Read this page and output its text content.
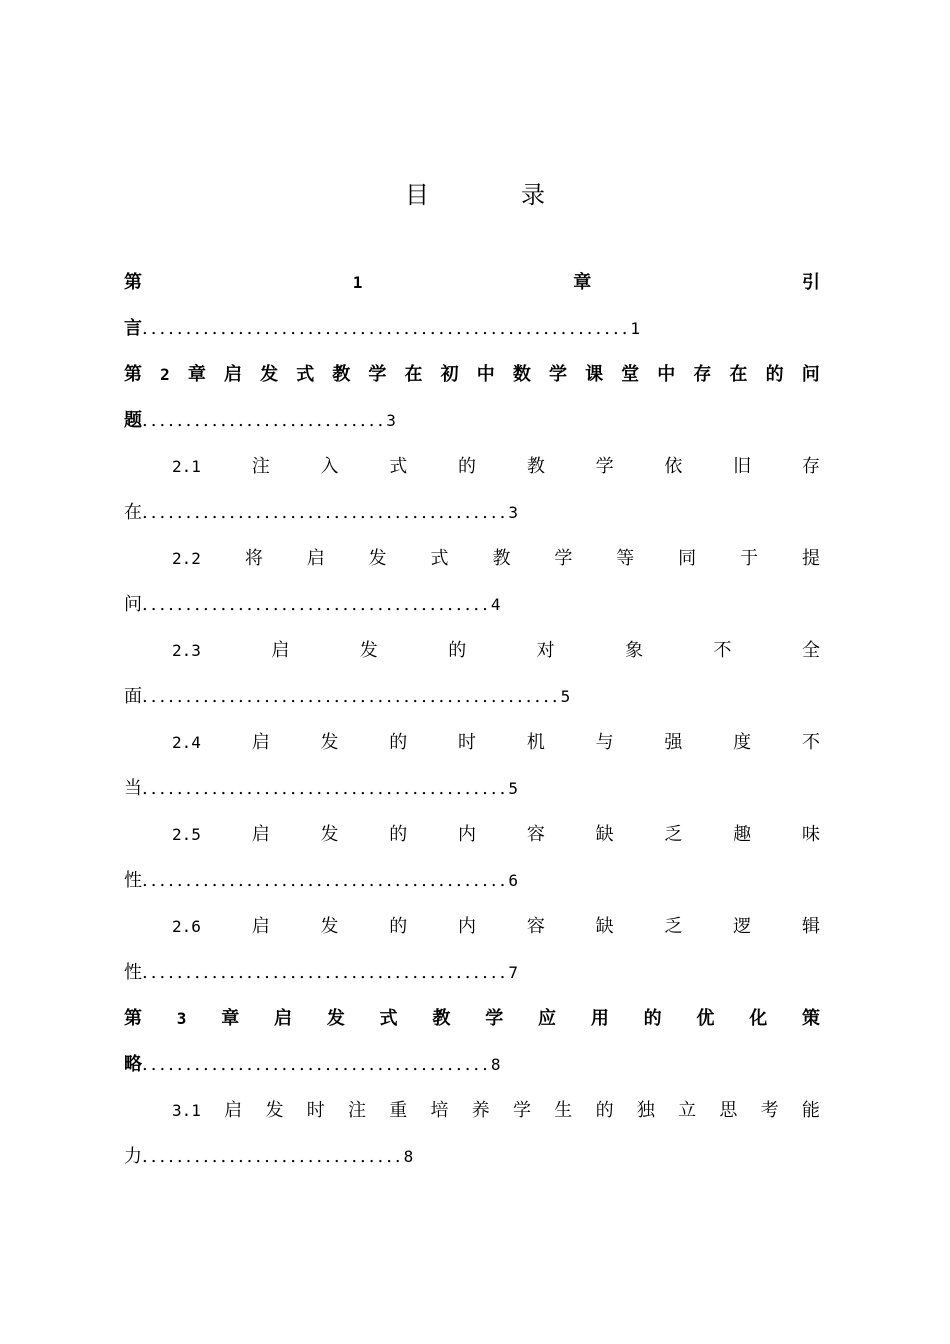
目	录
第	1	章	引
言........................................................1
第 2 章 启 发 式 教 学 在 初 中 数 学 课 堂 中 存 在 的 问
题............................3
2.1	注	入	式	的	教	学	依	旧	存
在..........................................3
2.2 将 启 发 式 教 学 等 同 于 提
问........................................4
2.3	启	发	的	对	象	不	全
面................................................5
2.4	启	发	的	时	机	与	强	度	不
当..........................................5
2.5	启	发	的	内	容	缺	乏	趣	味
性..........................................6
2.6	启	发	的	内	容	缺	乏	逻	辑
性..........................................7
第 3 章 启 发 式 教 学 应 用 的 优 化 策
略........................................8
3.1 启 发 时 注 重 培 养 学 生 的 独 立 思 考 能
力..............................8
